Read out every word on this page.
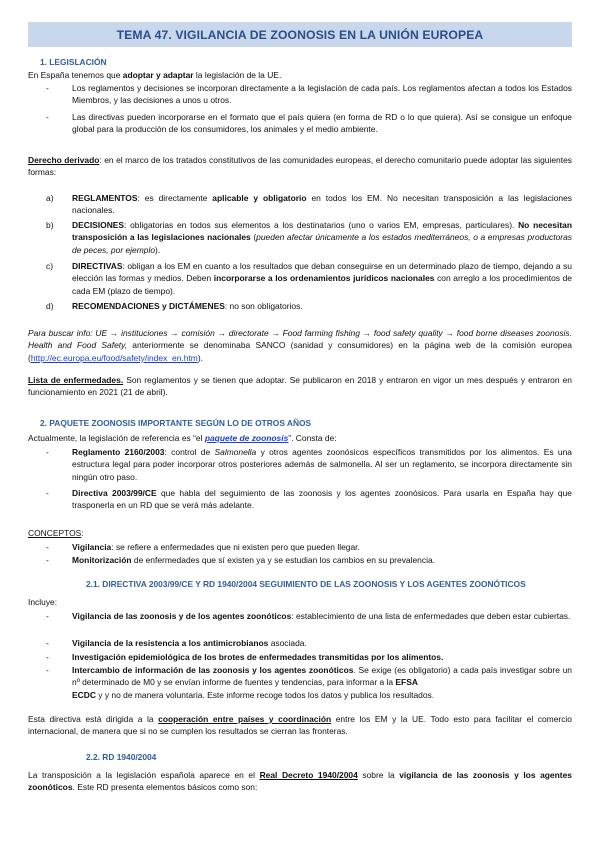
TEMA 47. VIGILANCIA DE ZOONOSIS EN LA UNIÓN EUROPEA
1. LEGISLACIÓN
En España tenemos que adoptar y adaptar la legislación de la UE.
-	Los reglamentos y decisiones se incorporan directamente a la legislación de cada país. Los reglamentos afectan a todos los Estados Miembros, y las decisiones a unos u otros.
-	Las directivas pueden incorporarse en el formato que el país quiera (en forma de RD o lo que quiera). Así se consigue un enfoque global para la producción de los consumidores, los animales y el medio ambiente.
Derecho derivado: en el marco de los tratados constitutivos de las comunidades europeas, el derecho comunitario puede adoptar las siguientes formas:
a) REGLAMENTOS: es directamente aplicable y obligatorio en todos los EM. No necesitan transposición a las legislaciones nacionales.
b) DECISIONES: obligatorias en todos sus elementos a los destinatarios (uno o varios EM, empresas, particulares). No necesitan transposición a las legislaciones nacionales (pueden afectar únicamente a los estados mediterráneos, o a empresas productoras de peces, por ejemplo).
c) DIRECTIVAS: obligan a los EM en cuanto a los resultados que deban conseguirse en un determinado plazo de tiempo, dejando a su elección las formas y medios. Deben incorporarse a los ordenamientos jurídicos nacionales con arreglo a los procedimientos de cada EM (plazo de tiempo).
d) RECOMENDACIONES y DICTÁMENES: no son obligatorios.
Para buscar info: UE → instituciones → comisión → directorate → Food farming fishing → food safety quality → food borne diseases zoonosis. Health and Food Safety, anteriormente se denominaba SANCO (sanidad y consumidores) en la página web de la comisión europea (http://ec.europa.eu/food/safety/index_en.htm).
Lista de enfermedades. Son reglamentos y se tienen que adoptar. Se publicaron en 2018 y entraron en vigor un mes después y entraron en funcionamiento en 2021 (21 de abril).
2. PAQUETE ZOONOSIS IMPORTANTE SEGÚN LO DE OTROS AÑOS
Actualmente, la legislación de referencia es “el paquete de zoonosis”. Consta de:
-	Reglamento 2160/2003: control de Salmonella y otros agentes zoonósicos específicos transmitidos por los alimentos. Es una estructura legal para poder incorporar otros posteriores además de salmonella. Al ser un reglamento, se incorpora directamente sin ningún otro paso.
-	Directiva 2003/99/CE que habla del seguimiento de las zoonosis y los agentes zoonósicos. Para usarla en España hay que trasponerla en un RD que se verá más adelante.
CONCEPTOS:
-	Vigilancia: se refiere a enfermedades que ni existen pero que pueden llegar.
-	Monitorización de enfermedades que sí existen ya y se estudian los cambios en su prevalencia.
2.1. DIRECTIVA 2003/99/CE Y RD 1940/2004 SEGUIMIENTO DE LAS ZOONOSIS Y LOS AGENTES ZOONÓTICOS
Incluye:
-	Vigilancia de las zoonosis y de los agentes zoonóticos: establecimiento de una lista de enfermedades que deben estar cubiertas.
-	Vigilancia de la resistencia a los antimicrobianos asociada.
-	Investigación epidemiológica de los brotes de enfermedades transmitidas por los alimentos.
-	Intercambio de información de las zoonosis y los agentes zoonóticos. Se exige (es obligatorio) a cada país investigar sobre un nº determinado de M0 y se envían informe de fuentes y tendencias, para informar a la EFSA
ECDC y y no de manera voluntaria. Este informe recoge todos los datos y publica los resultados.
Esta directiva está dirigida a la cooperación entre países y coordinación entre los EM y la UE. Todo esto para facilitar el comercio internacional, de manera que si no se cumplen los resultados se cierran las fronteras.
2.2. RD 1940/2004
La transposición a la legislación española aparece en el Real Decreto 1940/2004 sobre la vigilancia de las zoonosis y los agentes zoonóticos. Este RD presenta elementos básicos como son:
